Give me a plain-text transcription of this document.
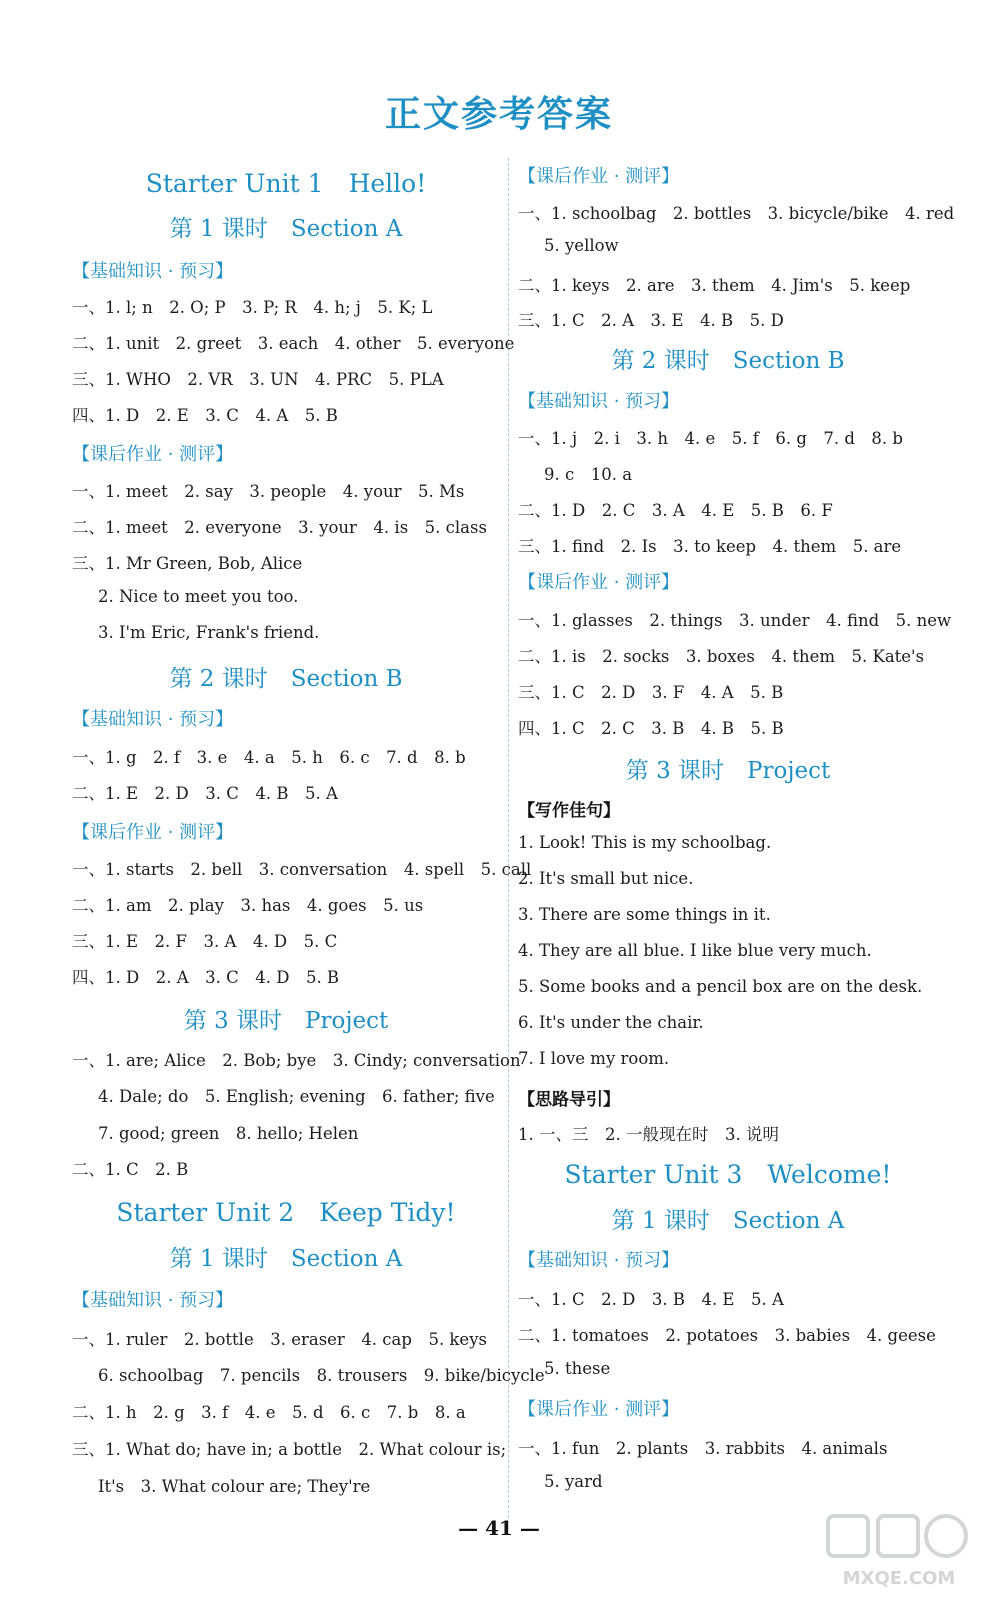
正文参考答案
Starter Unit 1　Hello!
第 1 课时　Section A
【基础知识 · 预习】
一、1. l; n　2. O; P　3. P; R　4. h; j　5. K; L
二、1. unit　2. greet　3. each　4. other　5. everyone
三、1. WHO　2. VR　3. UN　4. PRC　5. PLA
四、1. D　2. E　3. C　4. A　5. B
【课后作业 · 测评】
一、1. meet　2. say　3. people　4. your　5. Ms
二、1. meet　2. everyone　3. your　4. is　5. class
三、1. Mr Green, Bob, Alice
2. Nice to meet you too.
3. I'm Eric, Frank's friend.
第 2 课时　Section B
【基础知识 · 预习】
一、1. g　2. f　3. e　4. a　5. h　6. c　7. d　8. b
二、1. E　2. D　3. C　4. B　5. A
【课后作业 · 测评】
一、1. starts　2. bell　3. conversation　4. spell　5. call
二、1. am　2. play　3. has　4. goes　5. us
三、1. E　2. F　3. A　4. D　5. C
四、1. D　2. A　3. C　4. D　5. B
第 3 课时　Project
一、1. are; Alice　2. Bob; bye　3. Cindy; conversation
4. Dale; do　5. English; evening　6. father; five
7. good; green　8. hello; Helen
二、1. C　2. B
Starter Unit 2　Keep Tidy!
第 1 课时　Section A
【基础知识 · 预习】
一、1. ruler　2. bottle　3. eraser　4. cap　5. keys
6. schoolbag　7. pencils　8. trousers　9. bike/bicycle
二、1. h　2. g　3. f　4. e　5. d　6. c　7. b　8. a
三、1. What do; have in; a bottle　2. What colour is;
It's　3. What colour are; They're
【课后作业 · 测评】
一、1. schoolbag　2. bottles　3. bicycle/bike　4. red
5. yellow
二、1. keys　2. are　3. them　4. Jim's　5. keep
三、1. C　2. A　3. E　4. B　5. D
第 2 课时　Section B
【基础知识 · 预习】
一、1. j　2. i　3. h　4. e　5. f　6. g　7. d　8. b
9. c　10. a
二、1. D　2. C　3. A　4. E　5. B　6. F
三、1. find　2. Is　3. to keep　4. them　5. are
【课后作业 · 测评】
一、1. glasses　2. things　3. under　4. find　5. new
二、1. is　2. socks　3. boxes　4. them　5. Kate's
三、1. C　2. D　3. F　4. A　5. B
四、1. C　2. C　3. B　4. B　5. B
第 3 课时　Project
【写作佳句】
1. Look! This is my schoolbag.
2. It's small but nice.
3. There are some things in it.
4. They are all blue. I like blue very much.
5. Some books and a pencil box are on the desk.
6. It's under the chair.
7. I love my room.
【思路导引】
1. 一、三　2. 一般现在时　3. 说明
Starter Unit 3　Welcome!
第 1 课时　Section A
【基础知识 · 预习】
一、1. C　2. D　3. B　4. E　5. A
二、1. tomatoes　2. potatoes　3. babies　4. geese
5. these
【课后作业 · 测评】
一、1. fun　2. plants　3. rabbits　4. animals
5. yard
— 41 —
MXQE.COM
